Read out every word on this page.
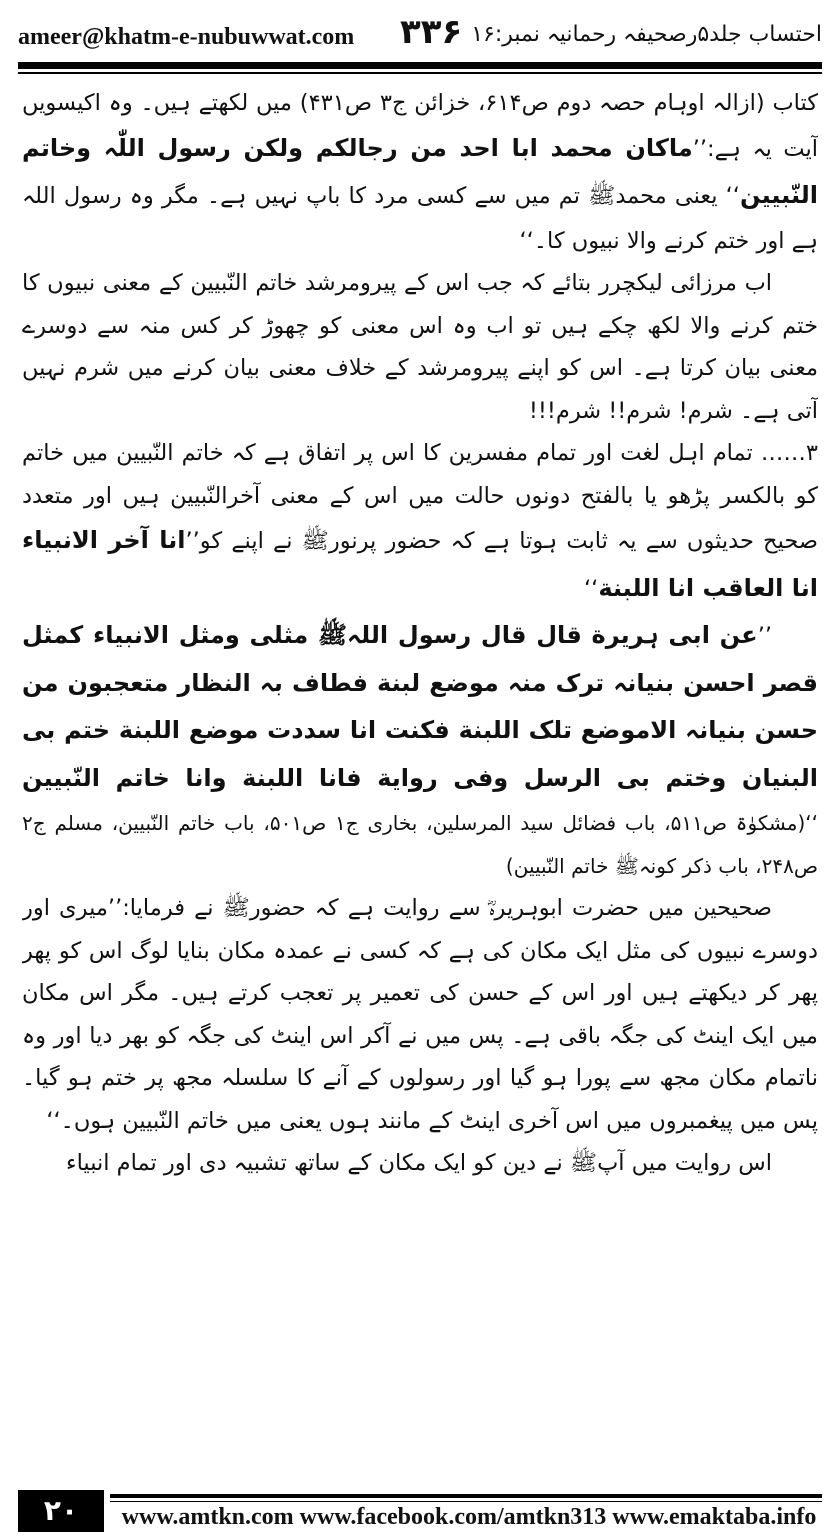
ameer@khatm-e-nubuwwat.com ۳۳۶ احتساب جلد۵رصحیفہ رحمانیہ نمبر:۱۶

کتاب (ازالہ اوہام حصہ دوم ص۶۱۴، خزائن ج۳ ص۴۳۱) میں لکھتے ہیں۔ وہ اکیسویں آیت یہ ہے:’’ماکان محمد ابا احد من رجالکم ولکن رسول اللّٰہ وخاتم النّبیین‘‘ یعنی محمدﷺ تم میں سے کسی مرد کا باپ نہیں ہے۔ مگر وہ رسول اللہ ہے اور ختم کرنے والا نبیوں کا۔‘‘

اب مرزائی لیکچرر بتائے کہ جب اس کے پیرومرشد خاتم النّبیین کے معنی نبیوں کا ختم کرنے والا لکھ چکے ہیں تو اب وہ اس معنی کو چھوڑ کر کس منہ سے دوسرے معنی بیان کرتا ہے۔ اس کو اپنے پیرومرشد کے خلاف معنی بیان کرنے میں شرم نہیں آتی ہے۔ شرم! شرم!! شرم!!!

۳…… تمام اہل لغت اور تمام مفسرین کا اس پر اتفاق ہے کہ خاتم النّبیین میں خاتم کو بالکسر پڑھو یا بالفتح دونوں حالت میں اس کے معنی آخرالنّبیین ہیں اور متعدد صحیح حدیثوں سے یہ ثابت ہوتا ہے کہ حضور پرنورﷺ نے اپنے کو’’انا آخر الانبیاء انا العاقب انا اللبنة‘‘

’’عن ابی ہریرة قال قال رسول اللہﷺ مثلی ومثل الانبیاء کمثل قصر احسن بنیانہ ترک منہ موضع لبنة فطاف بہ النظار متعجبون من حسن بنیانہ الاموضع تلک اللبنة فکنت انا سددت موضع اللبنة ختم بی البنیان وختم بی الرسل وفی روایة فانا اللبنة وانا خاتم النّبیین ‘‘(مشکوٰۃ ص۵۱۱، باب فضائل سید المرسلین، بخاری ج۱ ص۵۰۱، باب خاتم النّبیین، مسلم ج۲ ص۲۴۸، باب ذکر کونہﷺ خاتم النّبیین)

صحیحین میں حضرت ابوہریرہؓ سے روایت ہے کہ حضورﷺ نے فرمایا:’’میری اور دوسرے نبیوں کی مثل ایک مکان کی ہے کہ کسی نے عمدہ مکان بنایا لوگ اس کو پھر پھر کر دیکھتے ہیں اور اس کے حسن کی تعمیر پر تعجب کرتے ہیں۔ مگر اس مکان میں ایک اینٹ کی جگہ باقی ہے۔ پس میں نے آکر اس اینٹ کی جگہ کو بھر دیا اور وہ ناتمام مکان مجھ سے پورا ہو گیا اور رسولوں کے آنے کا سلسلہ مجھ پر ختم ہو گیا۔ پس میں پیغمبروں میں اس آخری اینٹ کے مانند ہوں یعنی میں خاتم النّبیین ہوں۔‘‘

اس روایت میں آپﷺ نے دین کو ایک مکان کے ساتھ تشبیہ دی اور تمام انبیاء

۲۰	www.amtkn.com www.facebook.com/amtkn313 www.emaktaba.info
